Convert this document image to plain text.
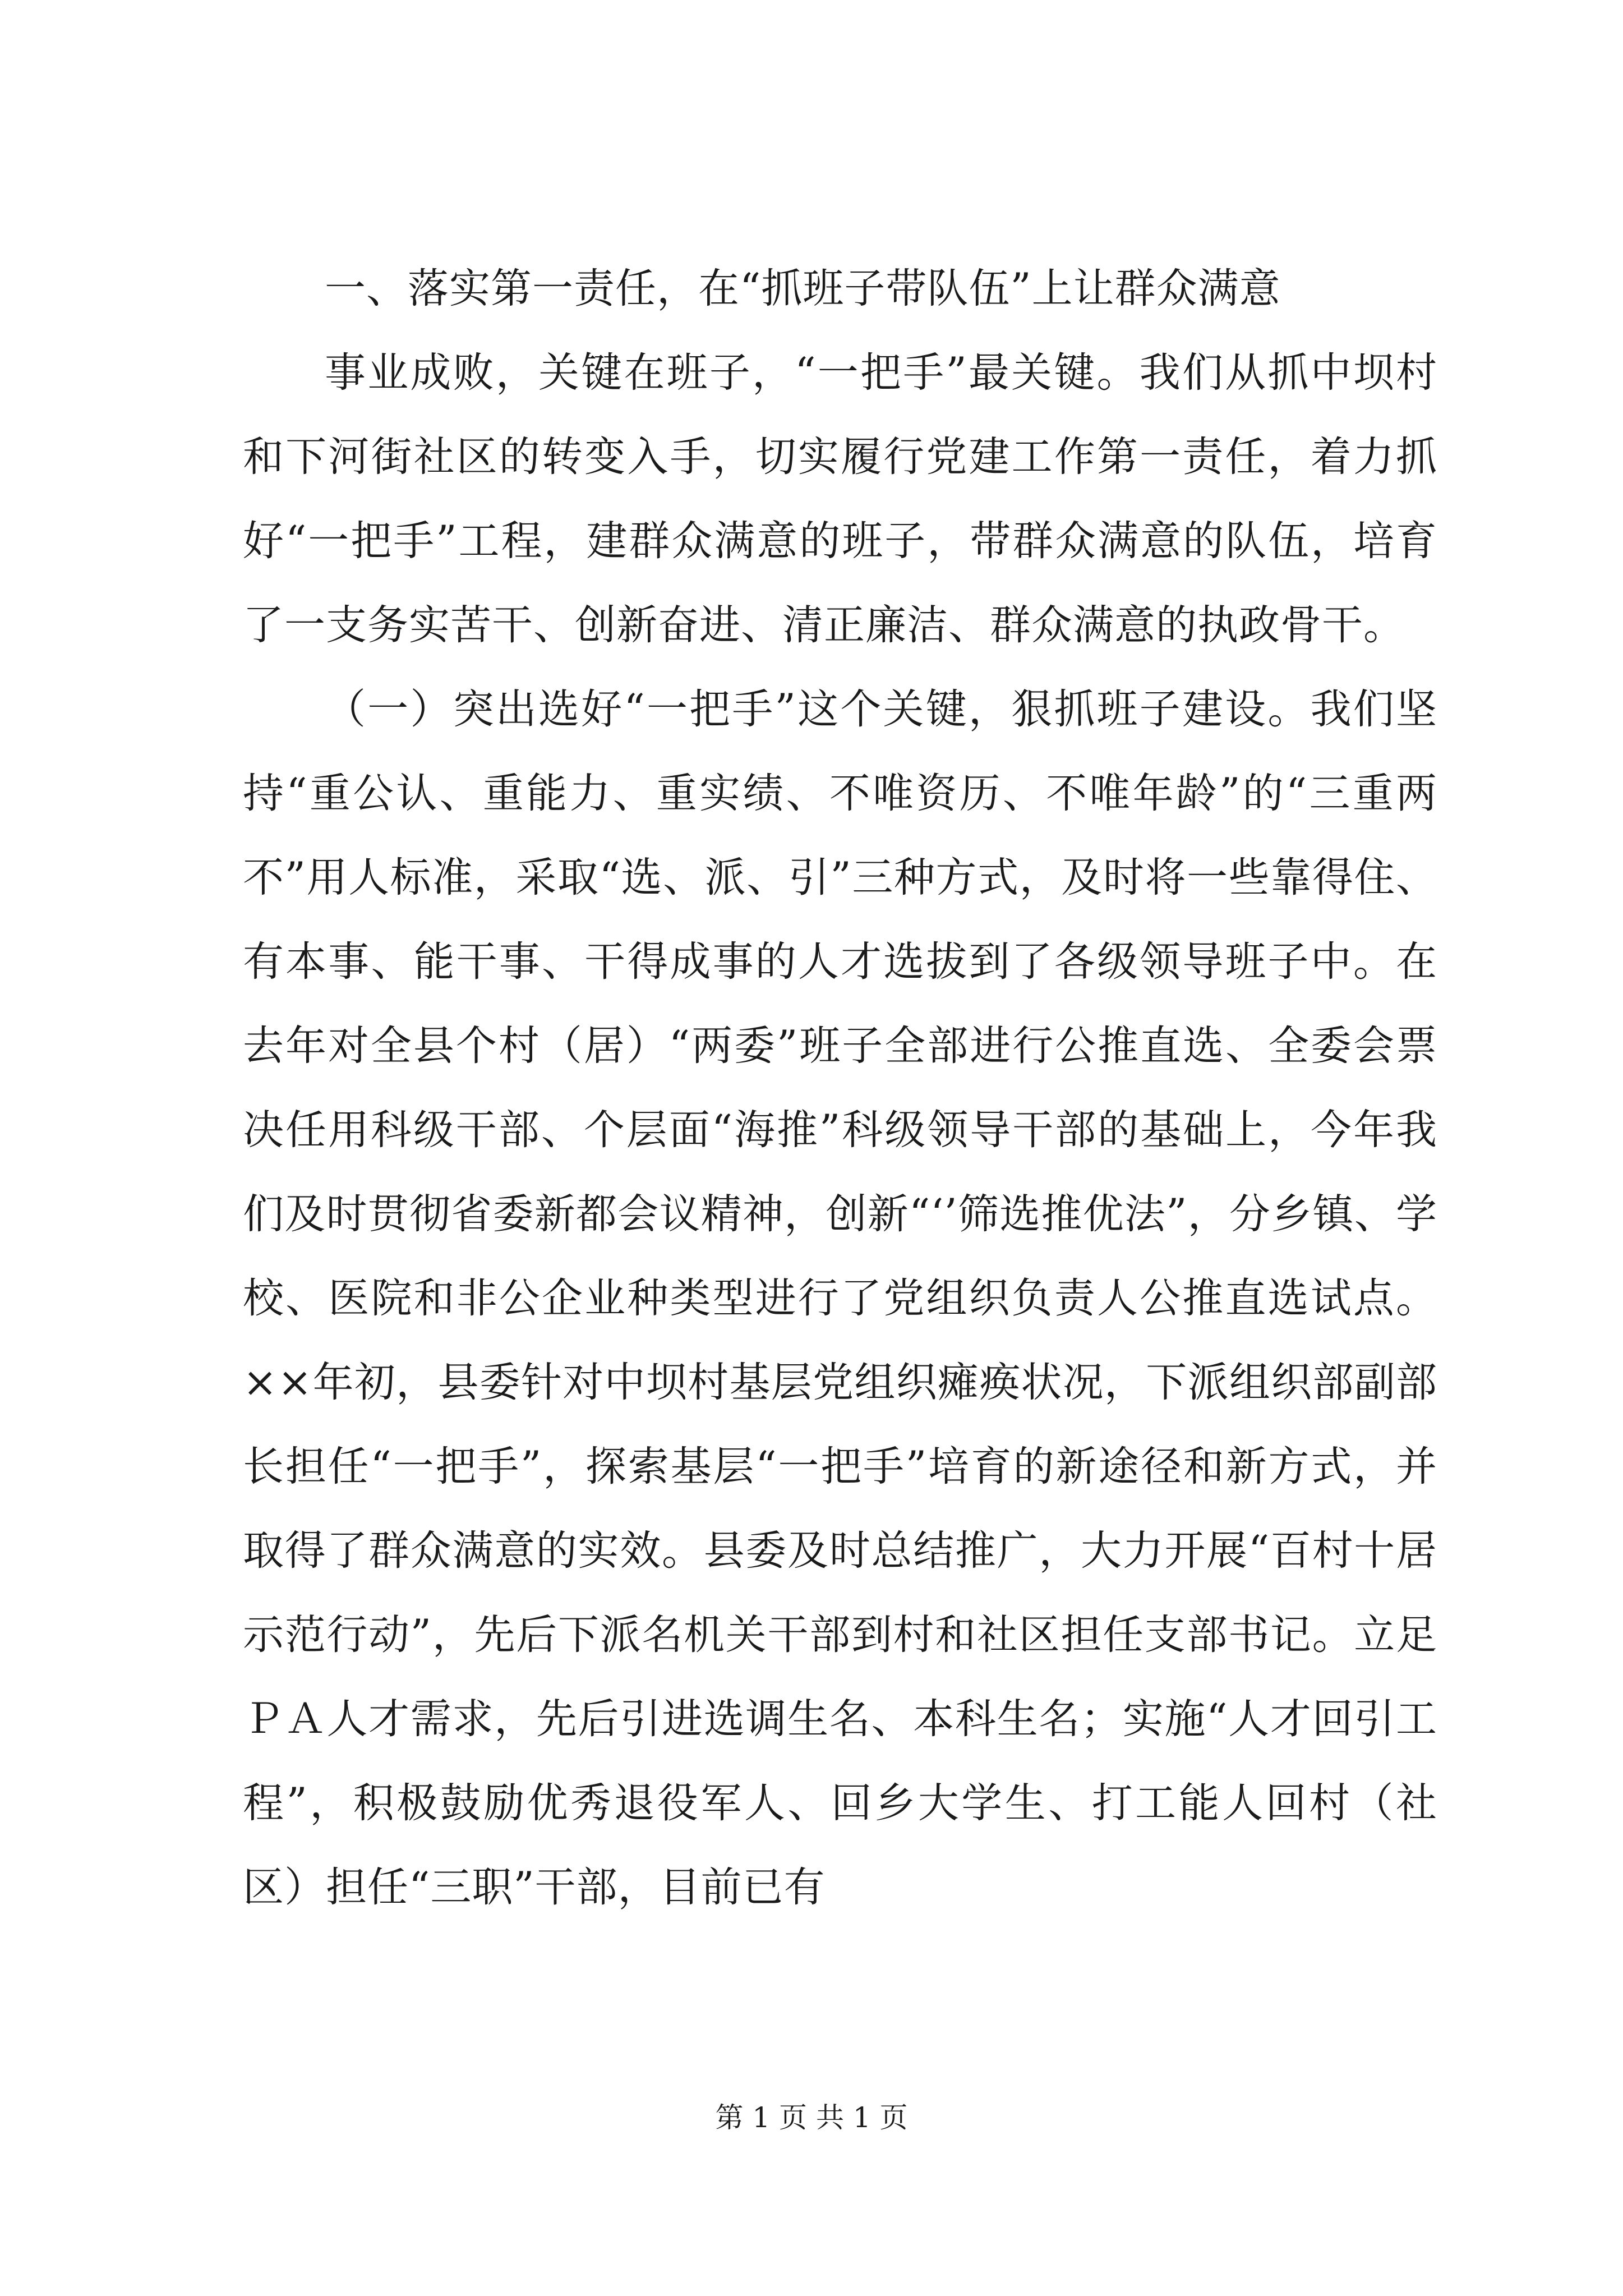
一、落实第一责任，在“抓班子带队伍”上让群众满意

事业成败，关键在班子，“一把手”最关键。我们从抓中坝村和下河街社区的转变入手，切实履行党建工作第一责任，着力抓好“一把手”工程，建群众满意的班子，带群众满意的队伍，培育了一支务实苦干、创新奋进、清正廉洁、群众满意的执政骨干。

（一）突出选好“一把手”这个关键，狠抓班子建设。我们坚持“重公认、重能力、重实绩、不唯资历、不唯年龄”的“三重两不”用人标准，采取“选、派、引”三种方式，及时将一些靠得住、有本事、能干事、干得成事的人才选拔到了各级领导班子中。在去年对全县个村（居）“两委”班子全部进行公推直选、全委会票决任用科级干部、个层面“海推”科级领导干部的基础上，今年我们及时贯彻省委新都会议精神，创新“‘’筛选推优法”，分乡镇、学校、医院和非公企业种类型进行了党组织负责人公推直选试点。××年初，县委针对中坝村基层党组织瘫痪状况，下派组织部副部长担任“一把手”，探索基层“一把手”培育的新途径和新方式，并取得了群众满意的实效。县委及时总结推广，大力开展“百村十居示范行动”，先后下派名机关干部到村和社区担任支部书记。立足ＰＡ人才需求，先后引进选调生名、本科生名；实施“人才回引工程”，积极鼓励优秀退役军人、回乡大学生、打工能人回村（社区）担任“三职”干部，目前已有

第 1 页 共 1 页
